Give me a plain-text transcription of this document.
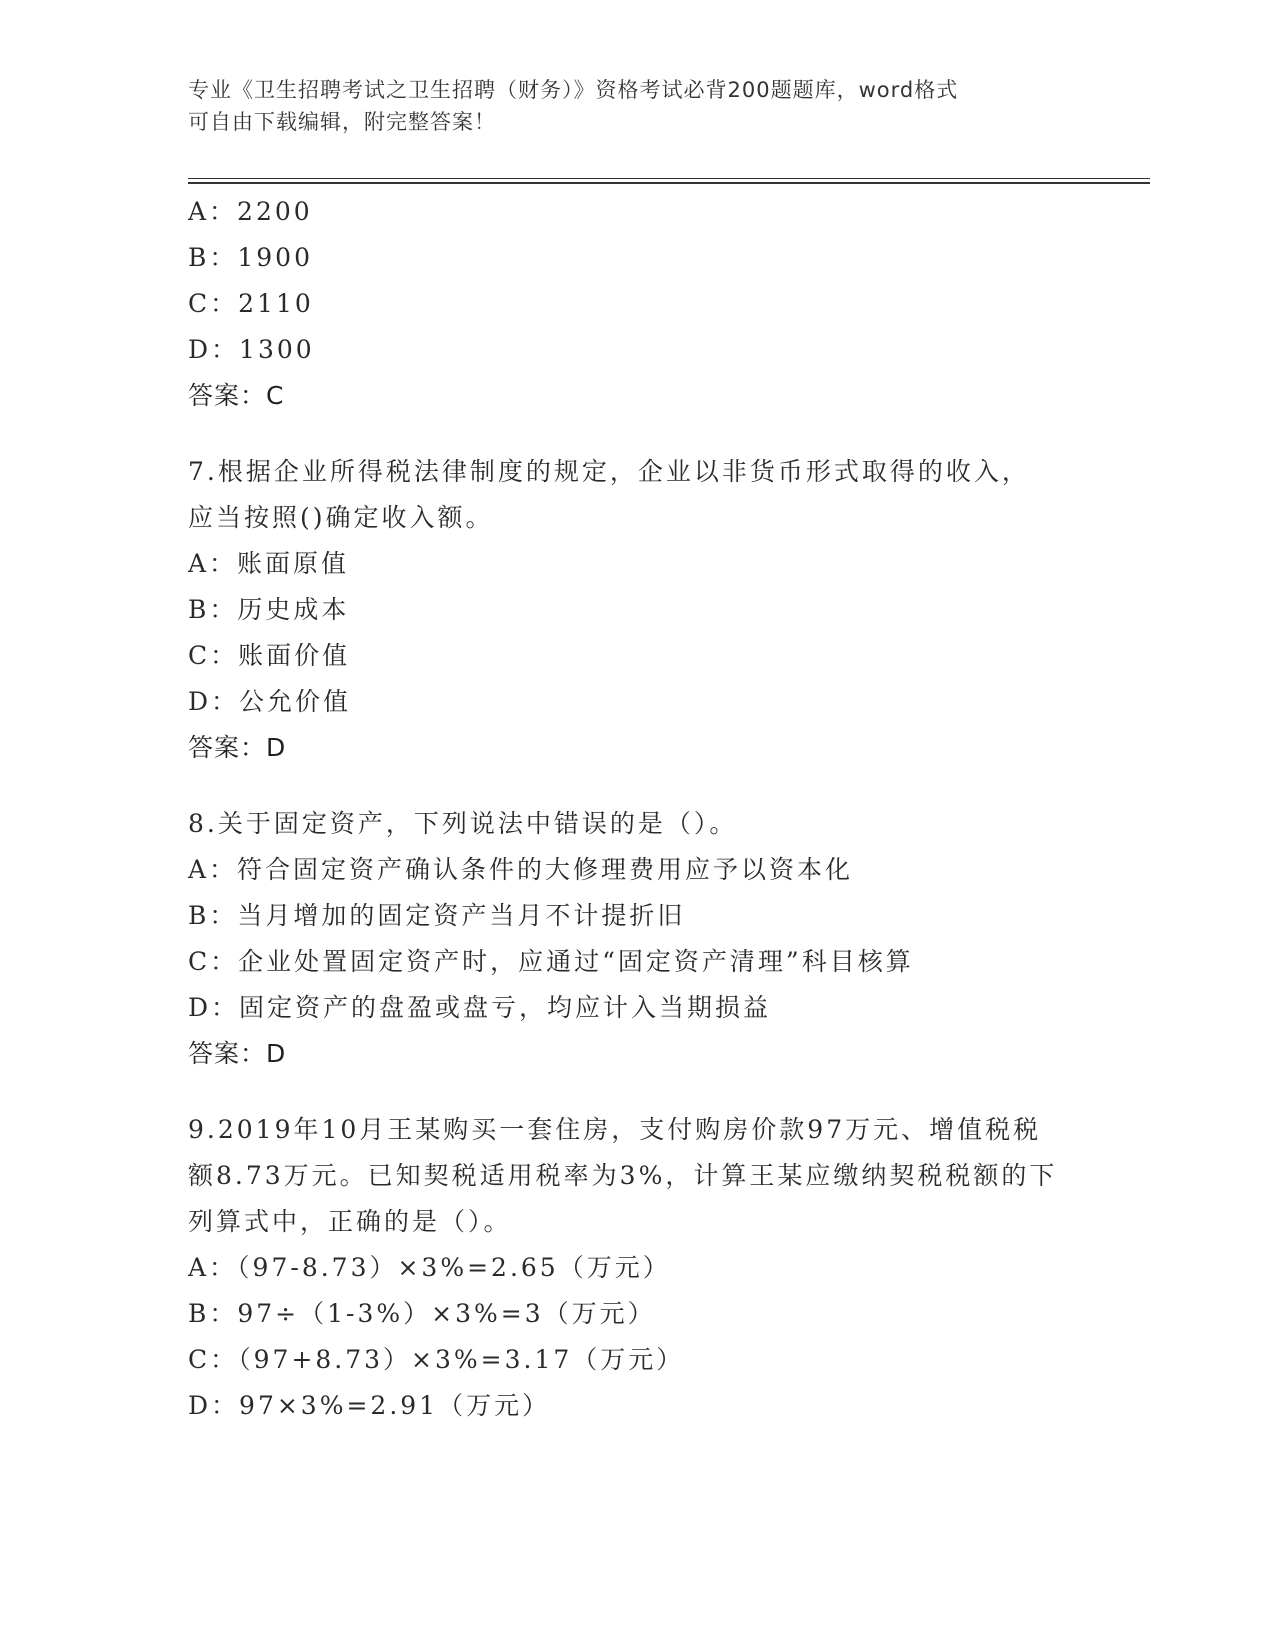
专业《卫生招聘考试之卫生招聘（财务）》资格考试必背200题题库，word格式
可自由下载编辑，附完整答案！
A：2200
B：1900
C：2110
D：1300
答案：C
7.根据企业所得税法律制度的规定，企业以非货币形式取得的收入，
应当按照()确定收入额。
A：账面原值
B：历史成本
C：账面价值
D：公允价值
答案：D
8.关于固定资产，下列说法中错误的是（）。
A：符合固定资产确认条件的大修理费用应予以资本化
B：当月增加的固定资产当月不计提折旧
C：企业处置固定资产时，应通过“固定资产清理”科目核算
D：固定资产的盘盈或盘亏，均应计入当期损益
答案：D
9.2019年10月王某购买一套住房，支付购房价款97万元、增值税税
额8.73万元。已知契税适用税率为3%，计算王某应缴纳契税税额的下
列算式中，正确的是（）。
A：（97-8.73）×3%=2.65（万元）
B：97÷（1-3%）×3%=3（万元）
C：（97+8.73）×3%=3.17（万元）
D：97×3%=2.91（万元）
